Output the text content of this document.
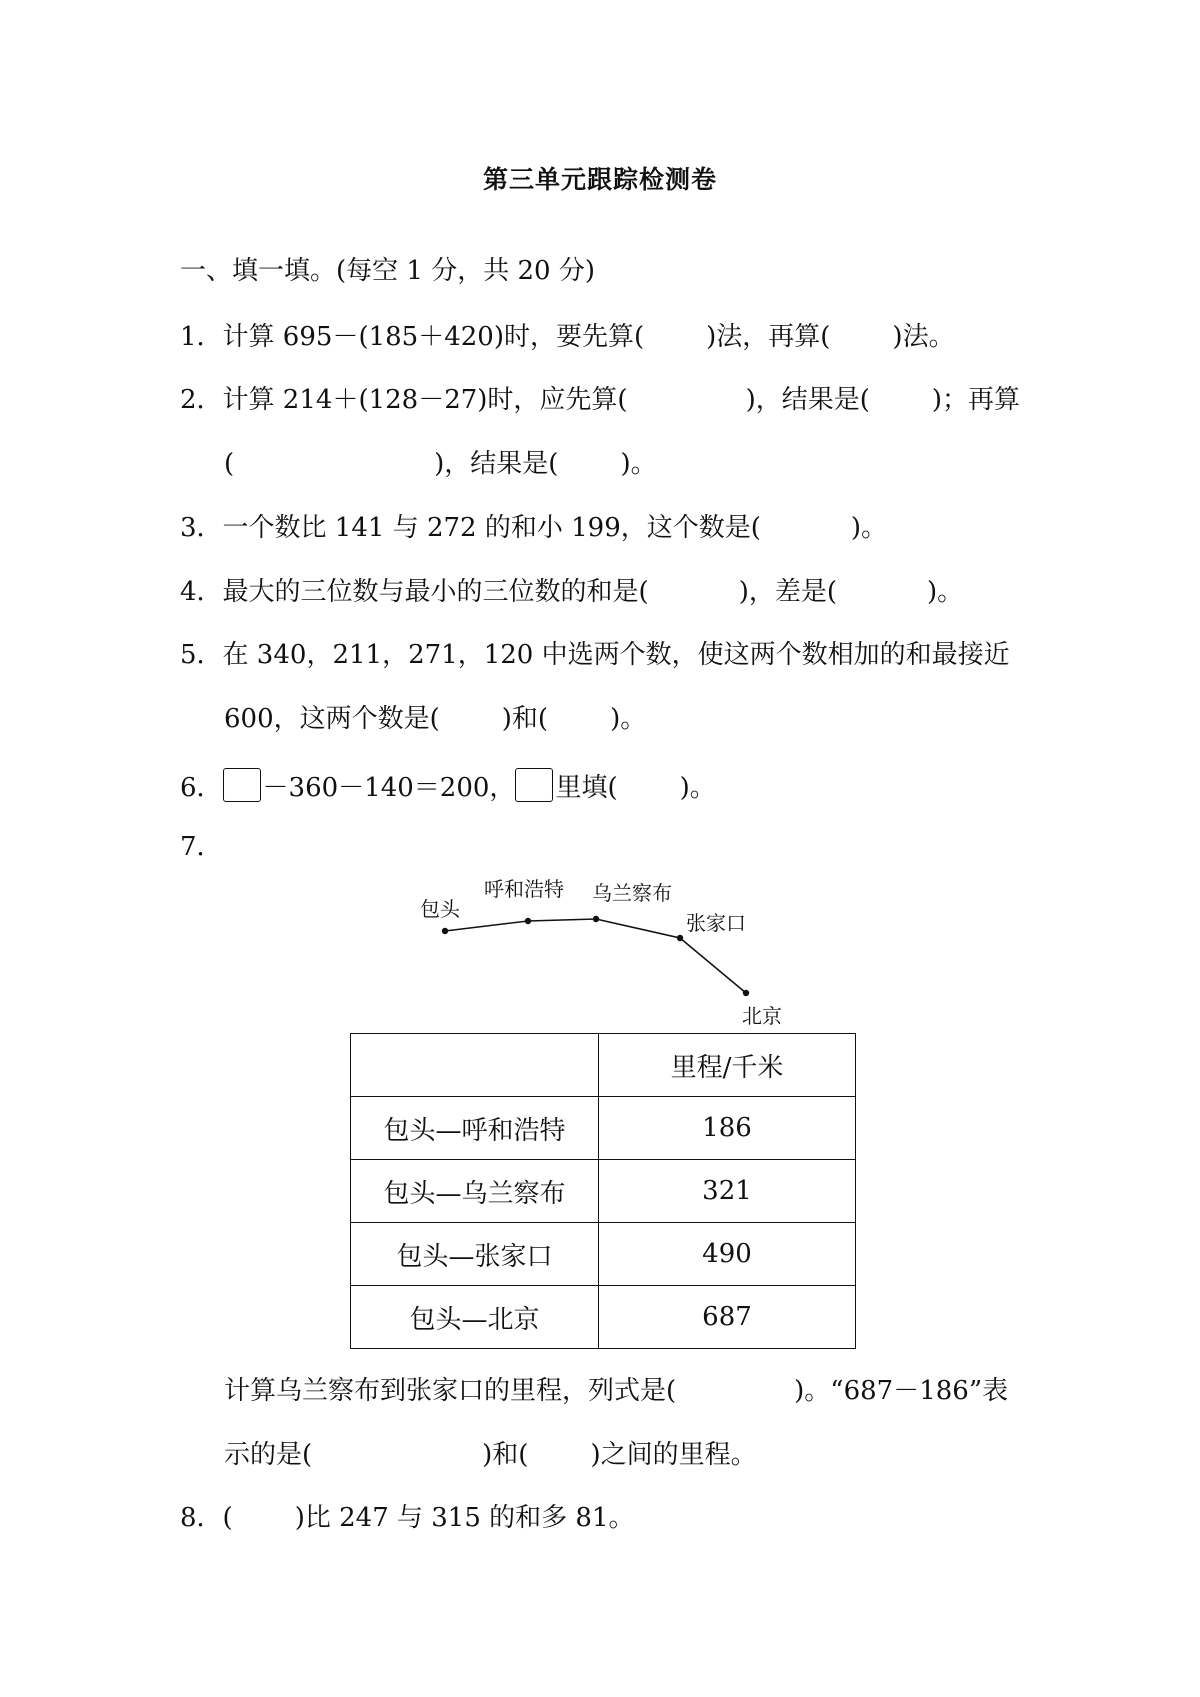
第三单元跟踪检测卷
一、填一填。(每空 1 分，共 20 分)
1．计算 695－(185＋420)时，要先算( )法，再算( )法。
2．计算 214＋(128－27)时，应先算(	)，结果是( )；再算
(	)，结果是( )。
3．一个数比 141 与 272 的和小 199，这个数是(	)。
4．最大的三位数与最小的三位数的和是(	)，差是(	)。
5．在 340，211，271，120 中选两个数，使这两个数相加的和最接近
600，这两个数是( )和( )。
6． －360－140＝200， 里填( )。
7．
包头
呼和浩特 乌兰察布
张家口
北京
	里程/千米
包头—呼和浩特	186
包头—乌兰察布	321
包头—张家口	490
包头—北京	687
计算乌兰察布到张家口的里程，列式是(	)。“687－186”表
示的是(	)和( )之间的里程。
8．( )比 247 与 315 的和多 81。
